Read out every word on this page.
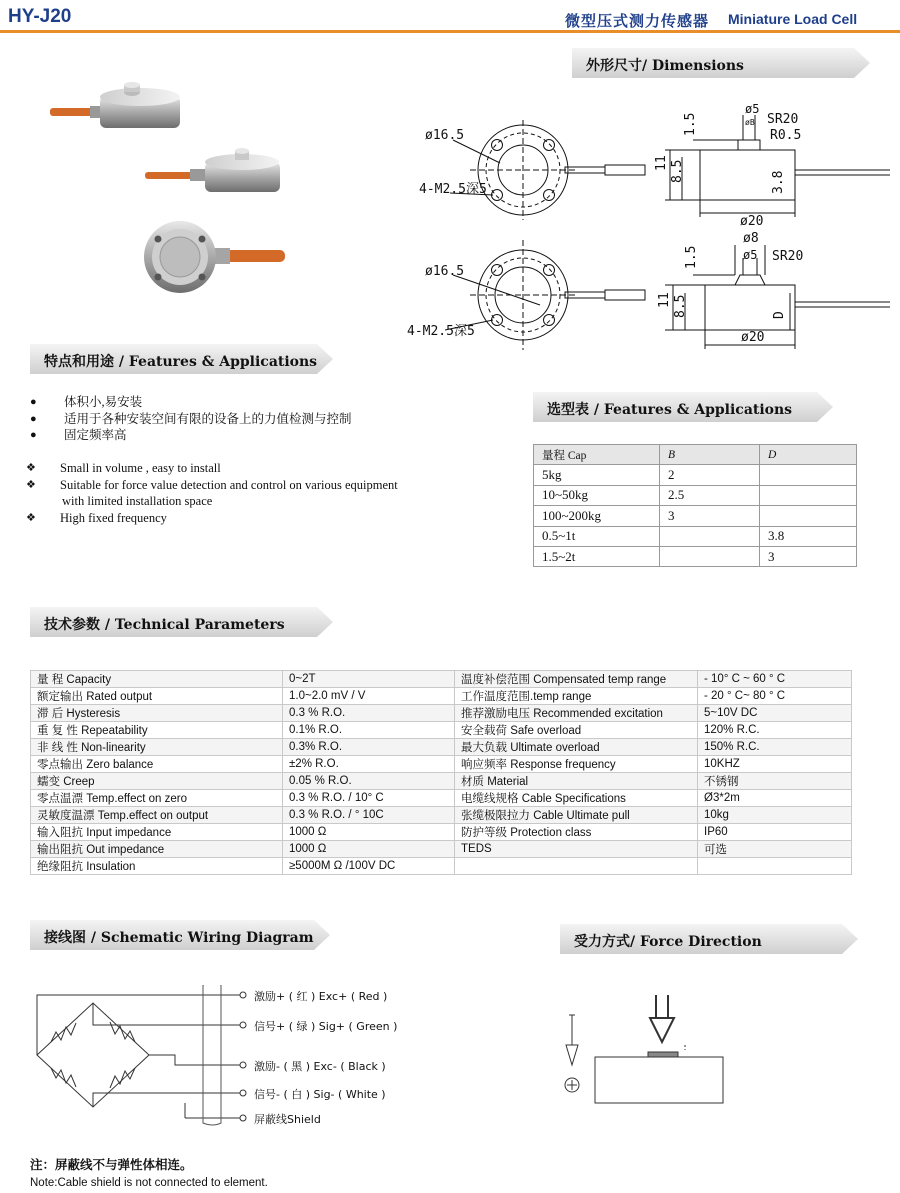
HY-J20	微型压式测力传感器 Miniature Load Cell
外形尺寸/ Dimensions
特点和用途 / Features & Applications
选型表 / Features & Applications
技术参数 / Technical Parameters
接线图 / Schematic Wiring Diagram	受力方式/ Force Direction
ø16.5
4-M2.5深5
ø5
øB SR20
R0.5
1.5
11 8.5	3.8
ø20
ø16.5
4-M2.5深5
ø8
ø5 SR20
1.5
11 8.5	D
ø20
● 体积小,易安装
● 适用于各种安装空间有限的设备上的力值检测与控制
● 固定频率高
❖ Small in volume , easy to install
❖ Suitable for force value detection and control on various equipment
with limited installation space
❖ High fixed frequency
量程 Cap	B	D
5kg	2	
10~50kg	2.5	
100~200kg	3	
0.5~1t		3.8
1.5~2t		3
量 程 Capacity	0~2T	温度补偿范围 Compensated temp range	- 10° C ~ 60 ° C
额定输出 Rated output	1.0~2.0 mV / V	工作温度范围.temp range	- 20 ° C~ 80 ° C
滞 后 Hysteresis	0.3 % R.O.	推荐激励电压 Recommended excitation	5~10V DC
重 复 性 Repeatability	0.1% R.O.	安全载荷 Safe overload	120% R.C.
非 线 性 Non-linearity	0.3% R.O.	最大负载 Ultimate overload	150% R.C.
零点输出 Zero balance	±2% R.O.	响应频率 Response frequency	10KHZ
蠕变 Creep	0.05 % R.O.	材质 Material	不锈钢
零点温漂 Temp.effect on zero	0.3 % R.O. / 10° C	电缆线规格 Cable Specifications	Ø3*2m
灵敏度温漂 Temp.effect on output	0.3 % R.O. / ° 10C	张缆极限拉力 Cable Ultimate pull	10kg
输入阻抗 Input impedance	1000 Ω	防护等级 Protection class	IP60
输出阻抗 Out impedance	1000 Ω	TEDS	可选
绝缘阻抗 Insulation	≥5000M Ω /100V DC		
激励+ ( 红 ) Exc+ ( Red )
信号+ ( 绿 ) Sig+ ( Green )
激励- ( 黑 ) Exc- ( Black )
信号- ( 白 ) Sig- ( White )
屏蔽线Shield
注：屏蔽线不与弹性体相连。
Note:Cable shield is not connected to element.
